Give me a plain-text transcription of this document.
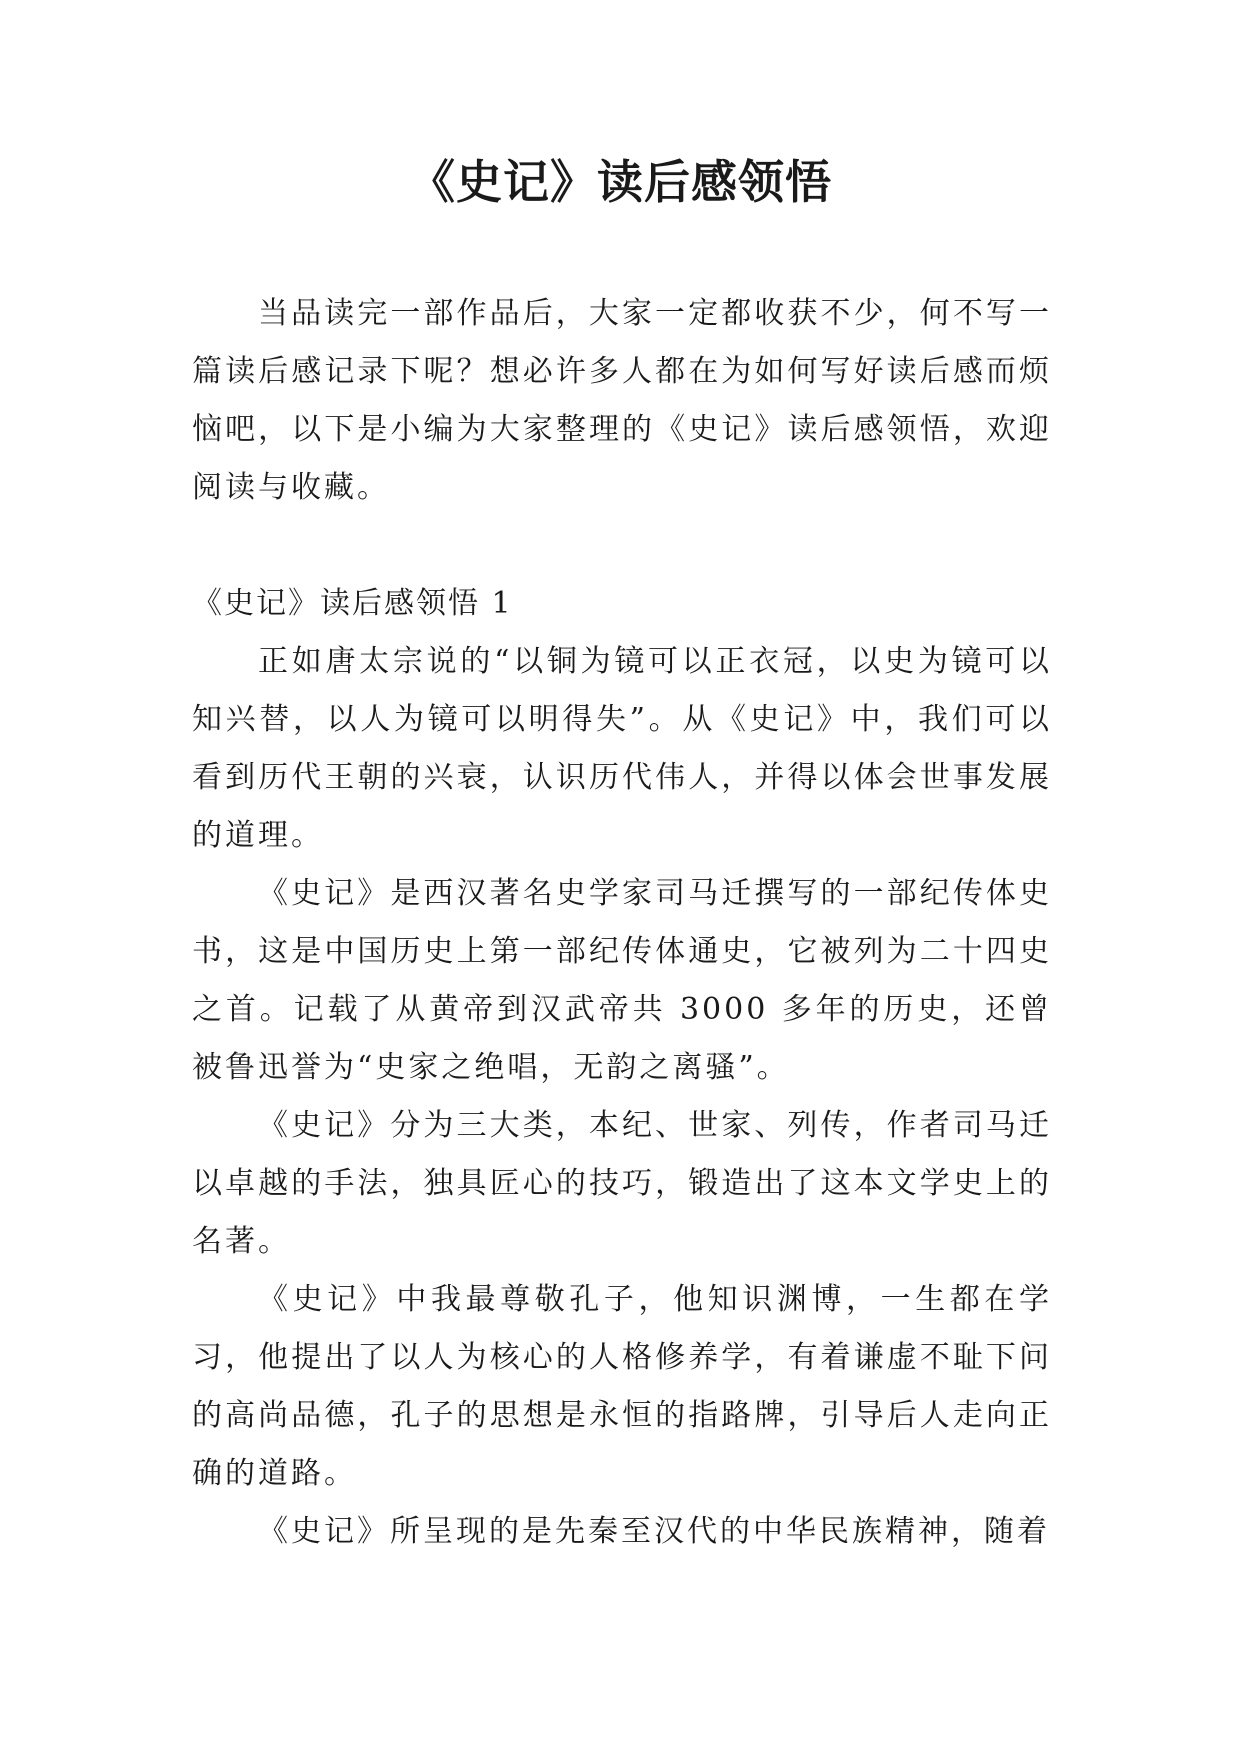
《史记》读后感领悟

当品读完一部作品后，大家一定都收获不少，何不写一篇读后感记录下呢？想必许多人都在为如何写好读后感而烦恼吧，以下是小编为大家整理的《史记》读后感领悟，欢迎阅读与收藏。

《史记》读后感领悟 1

正如唐太宗说的“以铜为镜可以正衣冠，以史为镜可以知兴替，以人为镜可以明得失”。从《史记》中，我们可以看到历代王朝的兴衰，认识历代伟人，并得以体会世事发展的道理。

《史记》是西汉著名史学家司马迁撰写的一部纪传体史书，这是中国历史上第一部纪传体通史，它被列为二十四史之首。记载了从黄帝到汉武帝共 3000 多年的历史，还曾被鲁迅誉为“史家之绝唱，无韵之离骚”。

《史记》分为三大类，本纪、世家、列传，作者司马迁以卓越的手法，独具匠心的技巧，锻造出了这本文学史上的名著。

《史记》中我最尊敬孔子，他知识渊博，一生都在学习，他提出了以人为核心的人格修养学，有着谦虚不耻下问的高尚品德，孔子的思想是永恒的指路牌，引导后人走向正确的道路。

《史记》所呈现的是先秦至汉代的中华民族精神，随着
